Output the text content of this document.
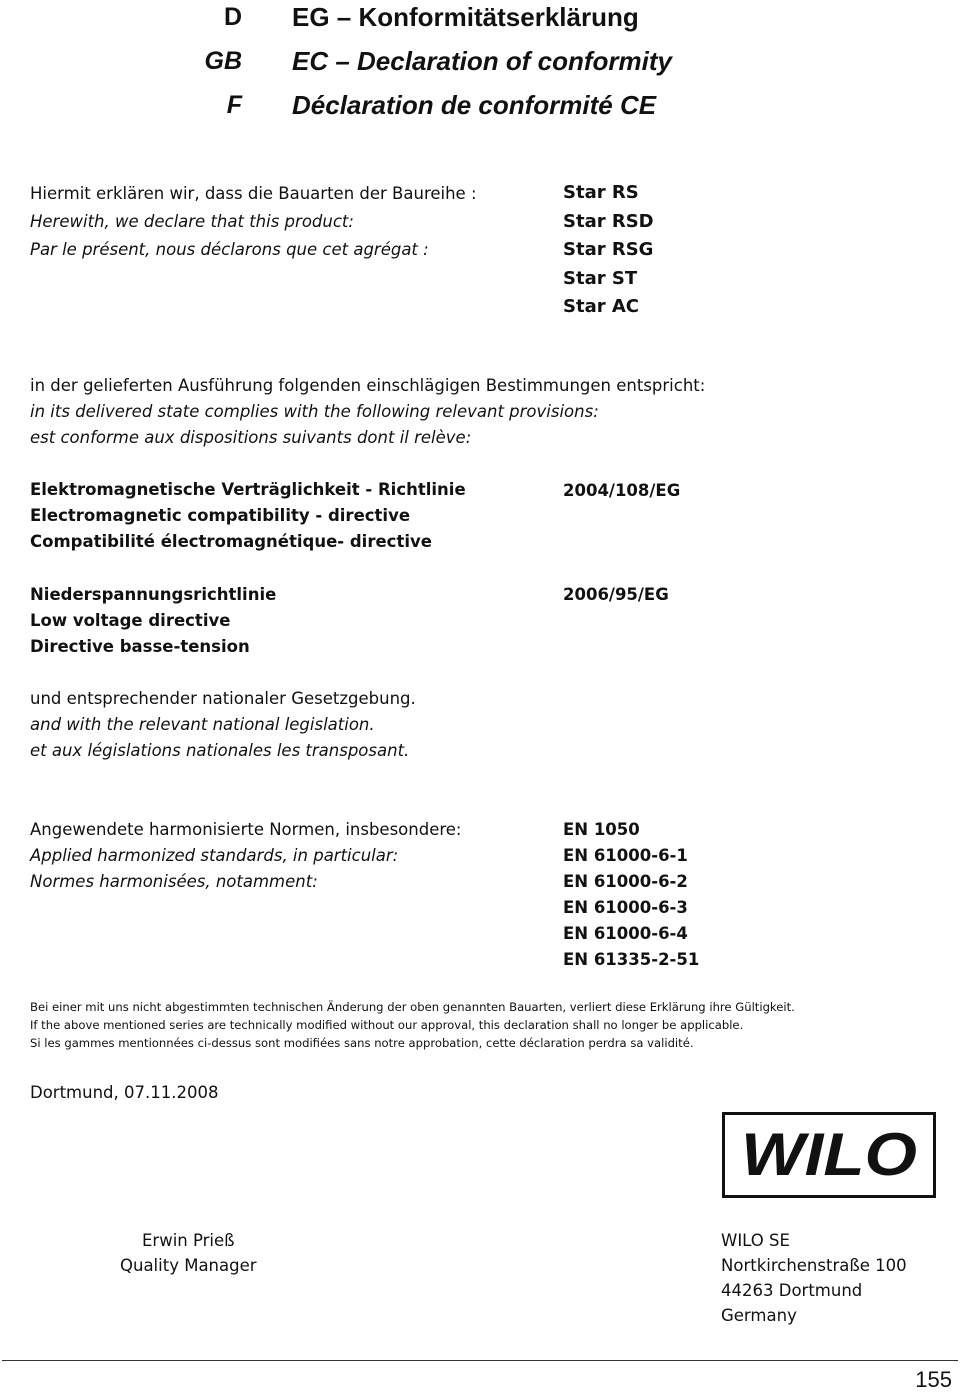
D
GB
F
EG – Konformitätserklärung
EC – Declaration of conformity
Déclaration de conformité CE
Hiermit erklären wir, dass die Bauarten der Baureihe :
Herewith, we declare that this product:
Par le présent, nous déclarons que cet agrégat :
Star RS
Star RSD
Star RSG
Star ST
Star AC
in der gelieferten Ausführung folgenden einschlägigen Bestimmungen entspricht:
in its delivered state complies with the following relevant provisions:
est conforme aux dispositions suivants dont il relève:
Elektromagnetische Verträglichkeit - Richtlinie
Electromagnetic compatibility - directive
Compatibilité électromagnétique- directive
2004/108/EG
Niederspannungsrichtlinie
Low voltage directive
Directive basse-tension
2006/95/EG
und entsprechender nationaler Gesetzgebung.
and with the relevant national legislation.
et aux législations nationales les transposant.
Angewendete harmonisierte Normen, insbesondere:
Applied harmonized standards, in particular:
Normes harmonisées, notamment:
EN 1050
EN 61000-6-1
EN 61000-6-2
EN 61000-6-3
EN 61000-6-4
EN 61335-2-51
Bei einer mit uns nicht abgestimmten technischen Änderung der oben genannten Bauarten, verliert diese Erklärung ihre Gültigkeit.
If the above mentioned series are technically modified without our approval, this declaration shall no longer be applicable.
Si les gammes mentionnées ci-dessus sont modifiées sans notre approbation, cette déclaration perdra sa validité.
Dortmund, 07.11.2008
WILO
Erwin Prieß
Quality Manager
WILO SE
Nortkirchenstraße 100
44263 Dortmund
Germany
155
